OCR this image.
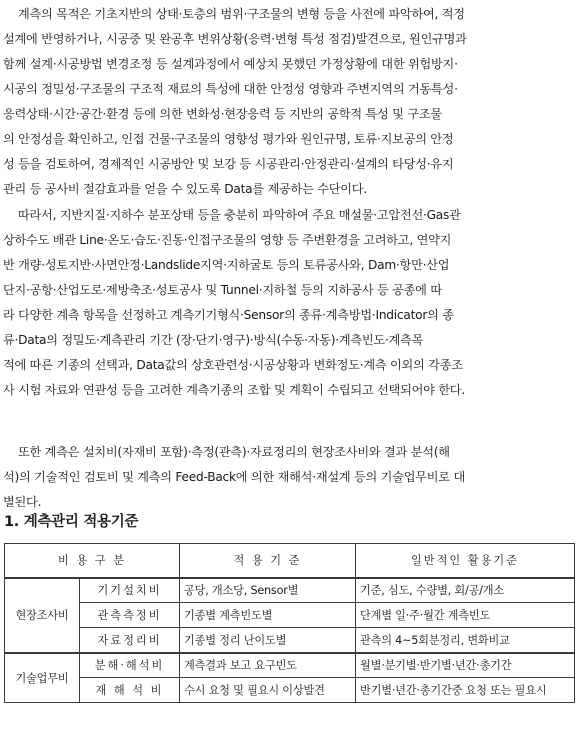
계측의 목적은 기초지반의 상태·토층의 범위·구조물의 변형 등을 사전에 파악하여, 적정
설계에 반영하거나, 시공중 및 완공후 변위상황(응력·변형 특성 점검)발견으로, 원인규명과
함께 설계·시공방법 변경조정 등 설계과정에서 예상치 못했던 가정상황에 대한 위험방지·
시공의 정밀성·구조물의 구조적 재료의 특성에 대한 안정성 영향과 주변지역의 거동특성·
응력상태·시간·공간·환경 등에 의한 변화성·현장응력 등 지반의 공학적 특성 및 구조물
의 안정성을 확인하고, 인접 건물·구조물의 영향성 평가와 원인규명, 토류·지보공의 안정
성 등을 검토하여, 경제적인 시공방안 및 보강 등 시공관리·안정관리·설계의 타당성·유지
관리 등 공사비 절감효과를 얻을 수 있도록 Data를 제공하는 수단이다.
따라서, 지반지질·지하수 분포상태 등을 충분히 파악하여 주요 매설물·고압전선·Gas관
상하수도 배관 Line·온도·습도·진동·인접구조물의 영향 등 주변환경을 고려하고, 연약지
반 개량·성토지반·사면안정·Landslide지역·지하굴토 등의 토류공사와, Dam·항만·산업
단지·공항·산업도로·제방축조·성토공사 및 Tunnel·지하철 등의 지하공사 등 공종에 따
라 다양한 계측 항목을 선정하고 계측기기형식·Sensor의 종류·계측방법·Indicator의 종
류·Data의 정밀도·계측관리 기간 (장·단기·영구)·방식(수동·자동)·계측빈도·계측목
적에 따른 기종의 선택과, Data값의 상호관련성·시공상황과 변화정도·계측 이외의 각종조
사 시험 자료와 연관성 등을 고려한 계측기종의 조합 및 계획이 수립되고 선택되어야 한다.
또한 계측은 설치비(자재비 포함)·측정(관측)·자료정리의 현장조사비와 결과 분석(해
석)의 기술적인 검토비 및 계측의 Feed-Back에 의한 재해석·재설계 등의 기술업무비로 대
별된다.
1. 계측관리 적용기준
비 용 구 분		적 용 기 준	일반적인 활용기준
현장조사비	기기설치비	공당, 개소당, Sensor별	기준, 심도, 수량별, 회/공/개소
	관측측정비	기종별 계측빈도별	단계별 일·주·월간 계측빈도
	자료정리비	기종별 정리 난이도별	관측의 4~5회분정리, 변화비교
기술업무비	분해·해석비	계측결과 보고 요구빈도	월별·분기별·반기별·년간·총기간
	재 해 석 비	수시 요청 및 필요시 이상발견	반기별·년간·총기간중 요청 또는 필요시
